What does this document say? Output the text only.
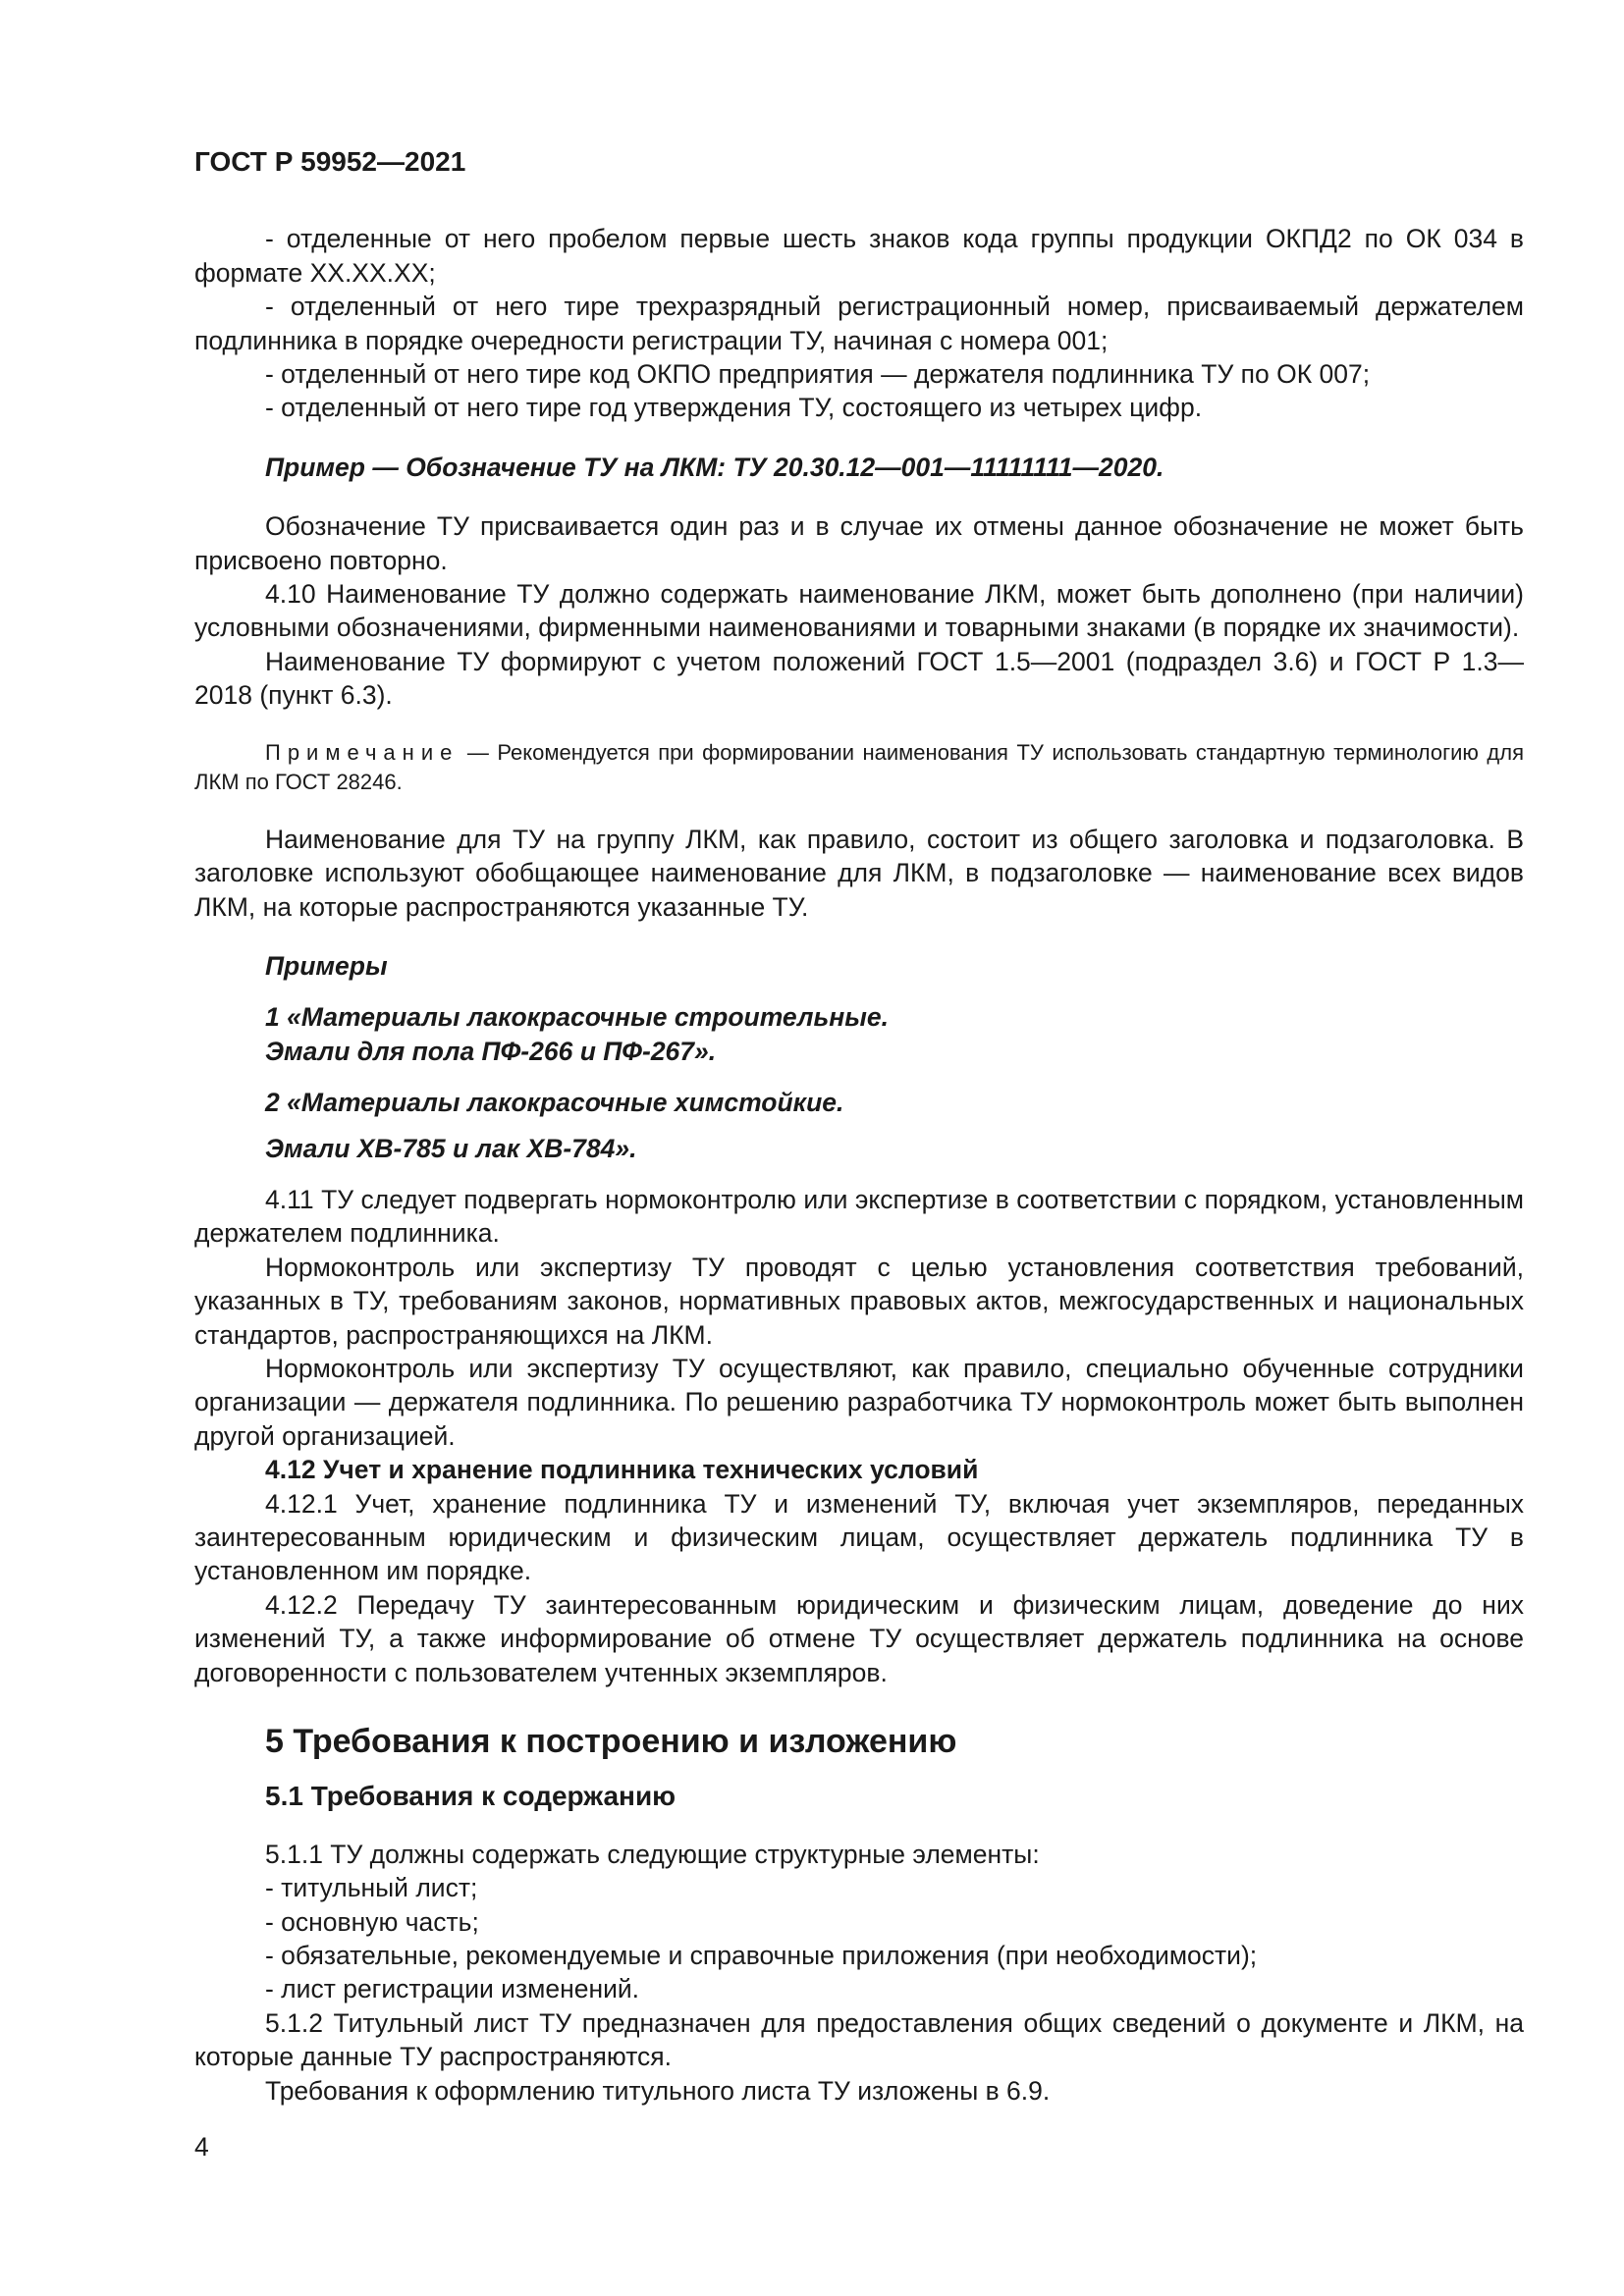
ГОСТ Р 59952—2021

- отделенные от него пробелом первые шесть знаков кода группы продукции ОКПД2 по ОК 034 в формате ХХ.ХХ.ХХ;

- отделенный от него тире трехразрядный регистрационный номер, присваиваемый держателем подлинника в порядке очередности регистрации ТУ, начиная с номера 001;

- отделенный от него тире код ОКПО предприятия — держателя подлинника ТУ по ОК 007;

- отделенный от него тире год утверждения ТУ, состоящего из четырех цифр.

Пример — Обозначение ТУ на ЛКМ: ТУ 20.30.12—001—11111111—2020.

Обозначение ТУ присваивается один раз и в случае их отмены данное обозначение не может быть присвоено повторно.

4.10 Наименование ТУ должно содержать наименование ЛКМ, может быть дополнено (при наличии) условными обозначениями, фирменными наименованиями и товарными знаками (в порядке их значимости).

Наименование ТУ формируют с учетом положений ГОСТ 1.5—2001 (подраздел 3.6) и ГОСТ Р 1.3—2018 (пункт 6.3).

Примечание — Рекомендуется при формировании наименования ТУ использовать стандартную терминологию для ЛКМ по ГОСТ 28246.

Наименование для ТУ на группу ЛКМ, как правило, состоит из общего заголовка и подзаголовка. В заголовке используют обобщающее наименование для ЛКМ, в подзаголовке — наименование всех видов ЛКМ, на которые распространяются указанные ТУ.

Примеры

1 «Материалы лакокрасочные строительные.

Эмали для пола ПФ-266 и ПФ-267».

2 «Материалы лакокрасочные химстойкие.

Эмали ХВ-785 и лак ХВ-784».

4.11 ТУ следует подвергать нормоконтролю или экспертизе в соответствии с порядком, установленным держателем подлинника.

Нормоконтроль или экспертизу ТУ проводят с целью установления соответствия требований, указанных в ТУ, требованиям законов, нормативных правовых актов, межгосударственных и национальных стандартов, распространяющихся на ЛКМ.

Нормоконтроль или экспертизу ТУ осуществляют, как правило, специально обученные сотрудники организации — держателя подлинника. По решению разработчика ТУ нормоконтроль может быть выполнен другой организацией.

4.12 Учет и хранение подлинника технических условий

4.12.1 Учет, хранение подлинника ТУ и изменений ТУ, включая учет экземпляров, переданных заинтересованным юридическим и физическим лицам, осуществляет держатель подлинника ТУ в установленном им порядке.

4.12.2 Передачу ТУ заинтересованным юридическим и физическим лицам, доведение до них изменений ТУ, а также информирование об отмене ТУ осуществляет держатель подлинника на основе договоренности с пользователем учтенных экземпляров.

5 Требования к построению и изложению

5.1 Требования к содержанию

5.1.1 ТУ должны содержать следующие структурные элементы:

- титульный лист;

- основную часть;

- обязательные, рекомендуемые и справочные приложения (при необходимости);

- лист регистрации изменений.

5.1.2 Титульный лист ТУ предназначен для предоставления общих сведений о документе и ЛКМ, на которые данные ТУ распространяются.

Требования к оформлению титульного листа ТУ изложены в 6.9.

4
